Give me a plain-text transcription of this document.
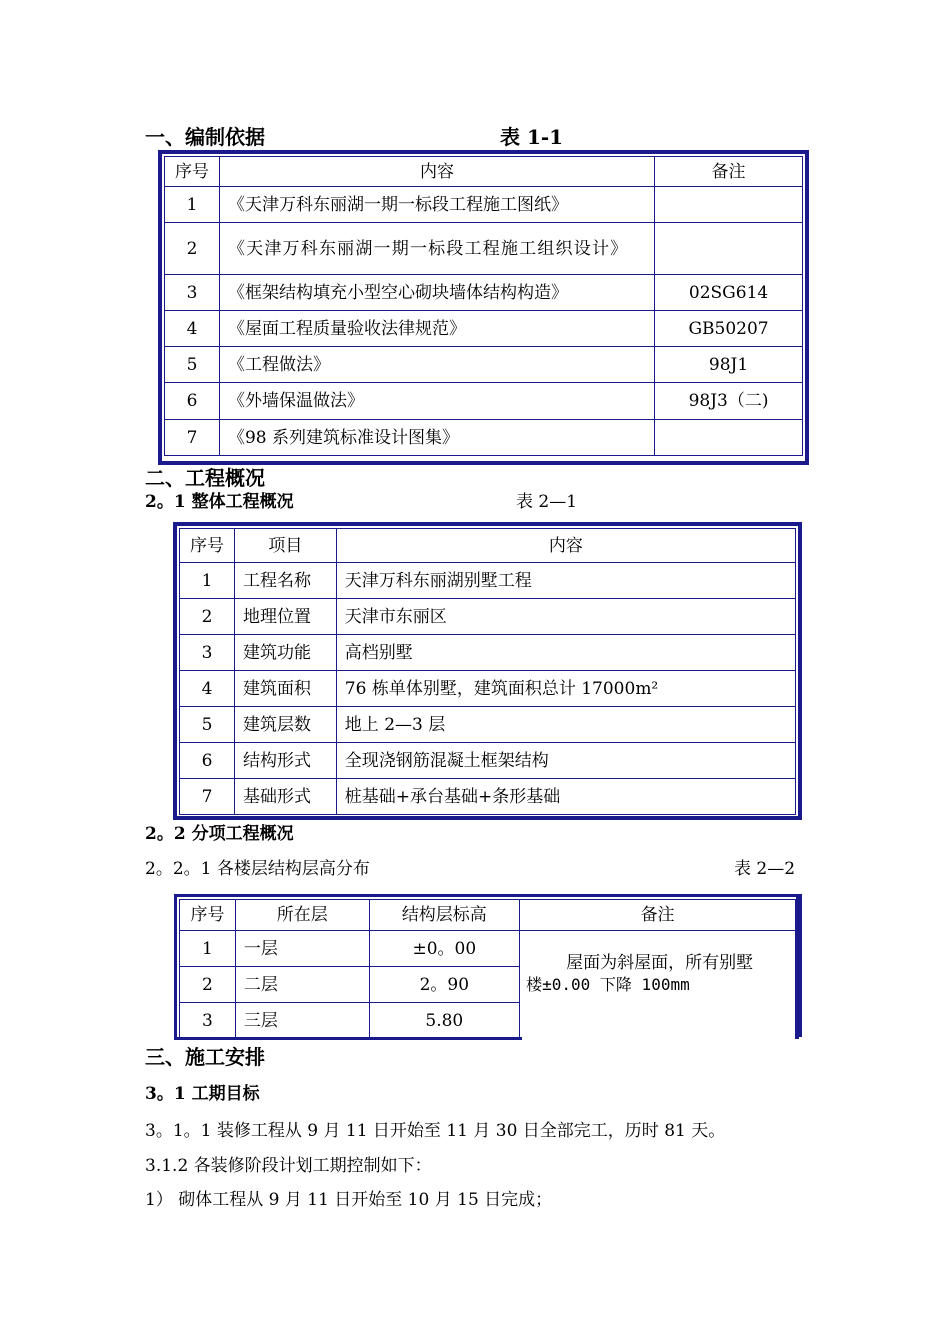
一、编制依据	表 1-1
序号	内容	备注
1	《天津万科东丽湖一期一标段工程施工图纸》	
2	《天津万科东丽湖一期一标段工程施工组织设计》	
3	《框架结构填充小型空心砌块墙体结构构造》	02SG614
4	《屋面工程质量验收法律规范》	GB50207
5	《工程做法》	98J1
6	《外墙保温做法》	98J3（二)
7	《98 系列建筑标准设计图集》	
二、工程概况
2。1 整体工程概况	表 2—1
序号	项目	内容
1	工程名称	天津万科东丽湖别墅工程
2	地理位置	天津市东丽区
3	建筑功能	高档别墅
4	建筑面积	76 栋单体别墅，建筑面积总计 17000m²
5	建筑层数	地上 2—3 层
6	结构形式	全现浇钢筋混凝土框架结构
7	基础形式	桩基础+承台基础+条形基础
2。2 分项工程概况
2。2。1 各楼层结构层高分布	表 2—2
序号	所在层	结构层标高	备注
1	一层	±0。00	屋面为斜屋面，所有别墅
楼±0.00 下降 100mm

2	二层	2。90	
3	三层	5.80	
三、施工安排
3。1 工期目标
3。1。1 装修工程从 9 月 11 日开始至 11 月 30 日全部完工，历时 81 天。
3.1.2 各装修阶段计划工期控制如下：
1） 砌体工程从 9 月 11 日开始至 10 月 15 日完成；
